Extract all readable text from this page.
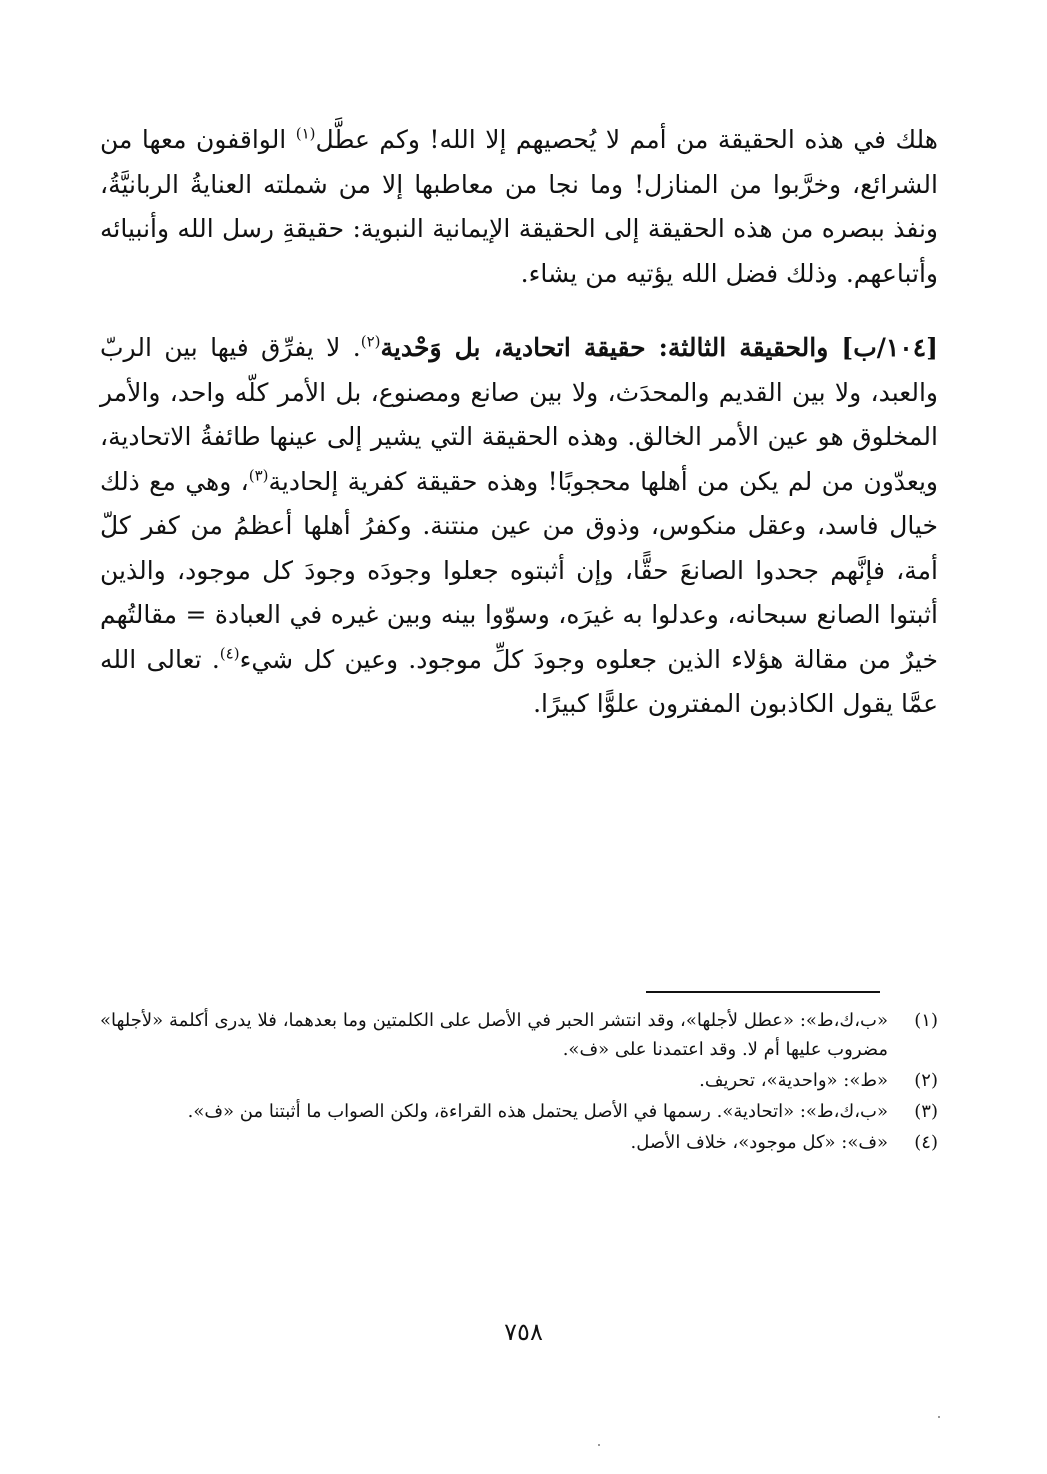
هلك في هذه الحقيقة من أمم لا يُحصيهم إلا الله! وكم عطَّل$^{(١)}$ الواقفون معها من الشرائع، وخرَّبوا من المنازل! وما نجا من معاطبها إلا من شملته العنايةُ الربانيَّةُ، ونفذ ببصره من هذه الحقيقة إلى الحقيقة الإيمانية النبوية: حقيقةِ رسل الله وأنبيائه وأتباعهم. وذلك فضل الله يؤتيه من يشاء.

[١٠٤/ب] والحقيقة الثالثة: حقيقة اتحادية، بل وَحْدية$^{(٢)}$. لا يفرِّق فيها بين الربّ والعبد، ولا بين القديم والمحدَث، ولا بين صانع ومصنوع، بل الأمر كلّه واحد، والأمر المخلوق هو عين الأمر الخالق. وهذه الحقيقة التي يشير إلى عينها طائفةُ الاتحادية، ويعدّون من لم يكن من أهلها محجوبًا! وهذه حقيقة كفرية إلحادية$^{(٣)}$، وهي مع ذلك خيال فاسد، وعقل منكوس، وذوق من عين منتنة. وكفرُ أهلها أعظمُ من كفر كلّ أمة، فإنَّهم جحدوا الصانعَ حقًّا، وإن أثبتوه جعلوا وجودَه وجودَ كل موجود، والذين أثبتوا الصانع سبحانه، وعدلوا به غيرَه، وسوّوا بينه وبين غيره في العبادة = مقالتُهم خيرٌ من مقالة هؤلاء الذين جعلوه وجودَ كلِّ موجود. وعين كل شيء$^{(٤)}$. تعالى الله عمَّا يقول الكاذبون المفترون علوًّا كبيرًا.

(١)
«ب،ك،ط»: «عطل لأجلها»، وقد انتشر الحبر في الأصل على الكلمتين وما بعدهما، فلا يدرى أكلمة «لأجلها» مضروب عليها أم لا. وقد اعتمدنا على «ف».
(٢)
«ط»: «واحدية»، تحريف.
(٣)
«ب،ك،ط»: «اتحادية». رسمها في الأصل يحتمل هذه القراءة، ولكن الصواب ما أثبتنا من «ف».
(٤)
«ف»: «كل موجود»، خلاف الأصل.
٧٥٨
